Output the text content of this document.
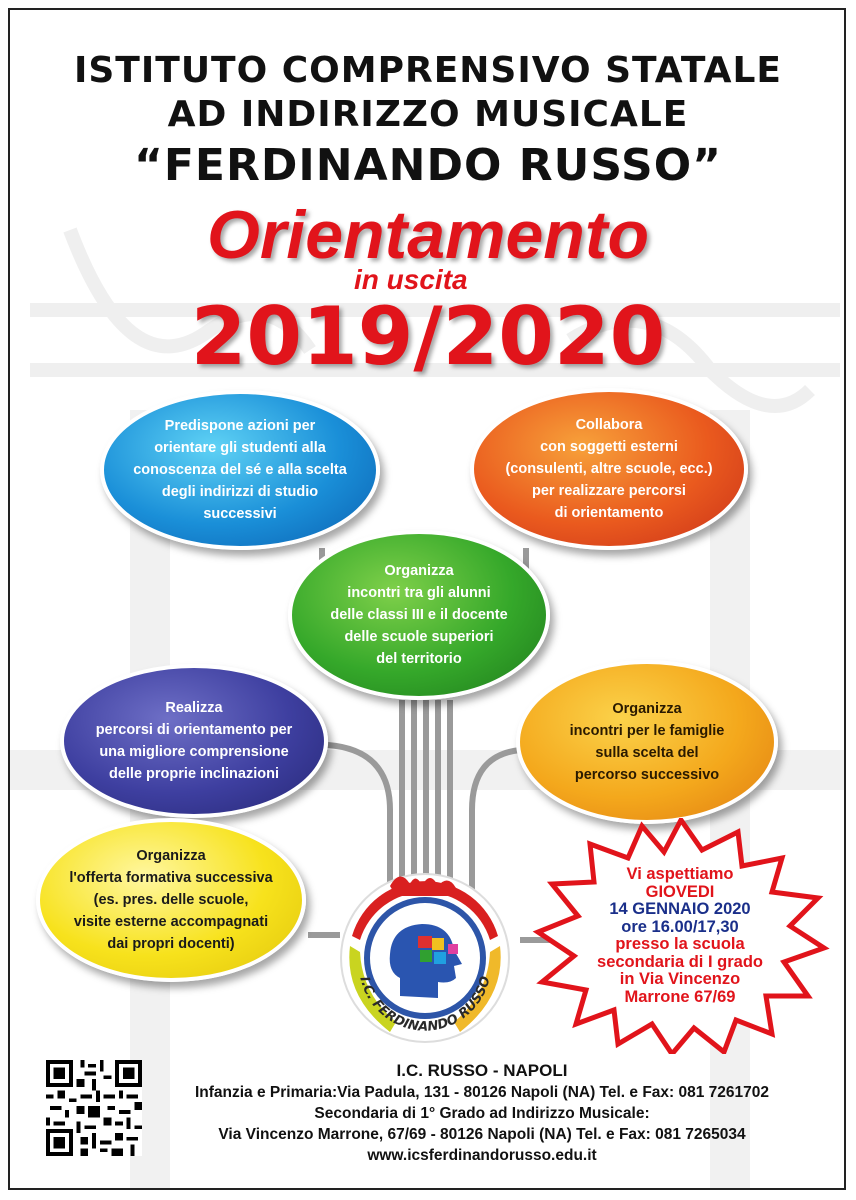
ISTITUTO COMPRENSIVO STATALE
AD INDIRIZZO MUSICALE
“FERDINANDO RUSSO”
Orientamento
in uscita
2019/2020
Predispone azioni per
orientare gli studenti alla
conoscenza del sé e alla scelta
degli indirizzi di studio
successivi
Collabora
con soggetti esterni
(consulenti, altre scuole, ecc.)
per realizzare percorsi
di orientamento
Organizza
incontri tra gli alunni
delle classi III e il docente
delle scuole superiori
del territorio
Realizza
percorsi di orientamento per
una migliore comprensione
delle proprie inclinazioni
Organizza
incontri per le famiglie
sulla scelta del
percorso successivo
Organizza
l'offerta formativa successiva
(es. pres. delle scuole,
visite esterne accompagnati
dai propri docenti)
I.C. FERDINANDO RUSSO
Vi aspettiamo
GIOVEDI
14 GENNAIO 2020
ore 16.00/17,30
presso la scuola
secondaria di I grado
in Via Vincenzo
Marrone 67/69
I.C. RUSSO - NAPOLI
Infanzia e Primaria:Via Padula, 131 - 80126 Napoli (NA) Tel. e Fax: 081 7261702
Secondaria di 1° Grado ad Indirizzo Musicale:
Via Vincenzo Marrone, 67/69 - 80126 Napoli (NA) Tel. e Fax: 081 7265034
www.icsferdinandorusso.edu.it
